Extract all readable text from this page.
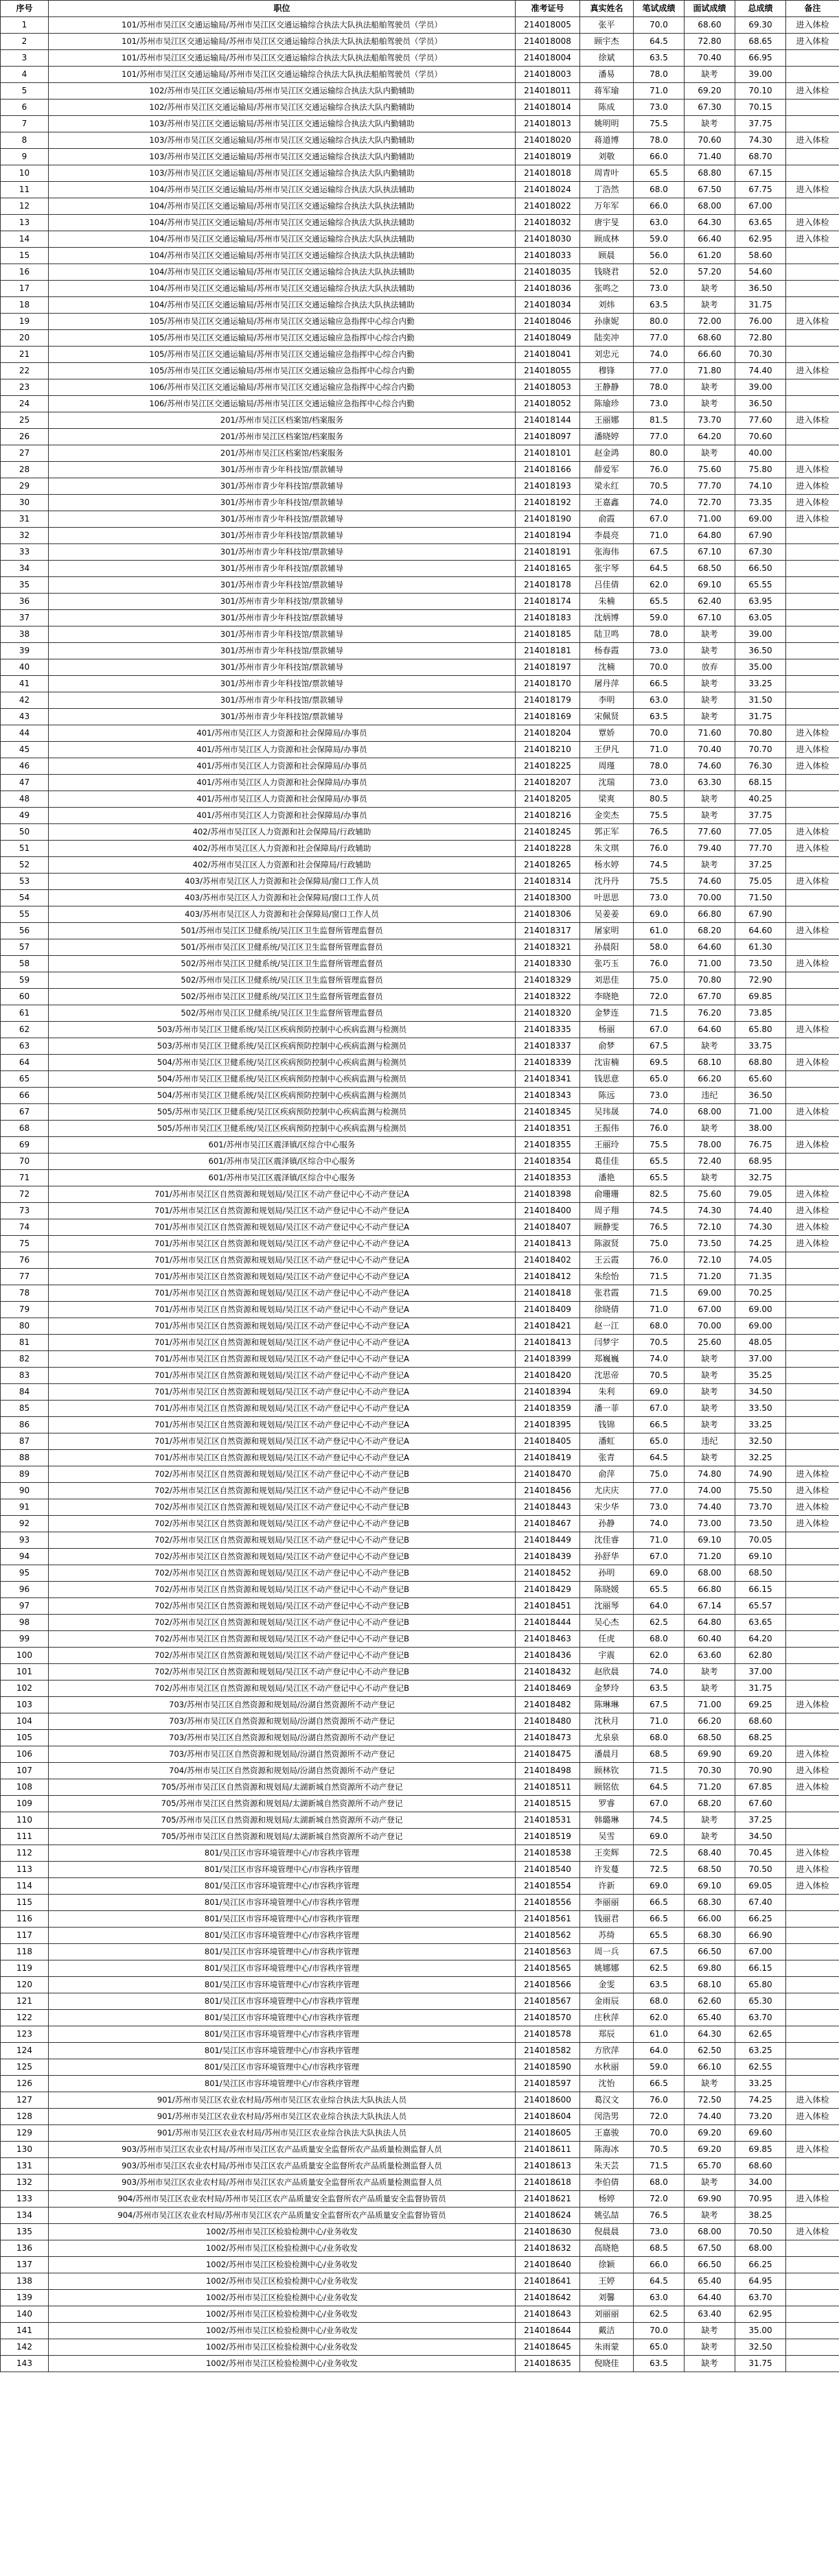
序号	职位	准考证号	真实姓名	笔试成绩	面试成绩	总成绩	备注
1	101/苏州市吴江区交通运输局/苏州市吴江区交通运输综合执法大队执法船舶驾驶员（学员）	214018005	张平	70.0	68.60	69.30	进入体检
2	101/苏州市吴江区交通运输局/苏州市吴江区交通运输综合执法大队执法船舶驾驶员（学员）	214018008	顾宇杰	64.5	72.80	68.65	进入体检
3	101/苏州市吴江区交通运输局/苏州市吴江区交通运输综合执法大队执法船舶驾驶员（学员）	214018004	徐斌	63.5	70.40	66.95	
4	101/苏州市吴江区交通运输局/苏州市吴江区交通运输综合执法大队执法船舶驾驶员（学员）	214018003	潘易	78.0	缺考	39.00	
5	102/苏州市吴江区交通运输局/苏州市吴江区交通运输综合执法大队内勤辅助	214018011	蒋军瑜	71.0	69.20	70.10	进入体检
6	102/苏州市吴江区交通运输局/苏州市吴江区交通运输综合执法大队内勤辅助	214018014	陈成	73.0	67.30	70.15	
7	103/苏州市吴江区交通运输局/苏州市吴江区交通运输综合执法大队内勤辅助	214018013	姚明明	75.5	缺考	37.75	
8	103/苏州市吴江区交通运输局/苏州市吴江区交通运输综合执法大队内勤辅助	214018020	蒋道博	78.0	70.60	74.30	进入体检
9	103/苏州市吴江区交通运输局/苏州市吴江区交通运输综合执法大队内勤辅助	214018019	刘敬	66.0	71.40	68.70	
10	103/苏州市吴江区交通运输局/苏州市吴江区交通运输综合执法大队内勤辅助	214018018	周青叶	65.5	68.80	67.15	
11	104/苏州市吴江区交通运输局/苏州市吴江区交通运输综合执法大队执法辅助	214018024	丁浩然	68.0	67.50	67.75	进入体检
12	104/苏州市吴江区交通运输局/苏州市吴江区交通运输综合执法大队执法辅助	214018022	万年军	66.0	68.00	67.00	
13	104/苏州市吴江区交通运输局/苏州市吴江区交通运输综合执法大队执法辅助	214018032	唐宇旻	63.0	64.30	63.65	进入体检
14	104/苏州市吴江区交通运输局/苏州市吴江区交通运输综合执法大队执法辅助	214018030	顾成林	59.0	66.40	62.95	进入体检
15	104/苏州市吴江区交通运输局/苏州市吴江区交通运输综合执法大队执法辅助	214018033	顾晨	56.0	61.20	58.60	
16	104/苏州市吴江区交通运输局/苏州市吴江区交通运输综合执法大队执法辅助	214018035	钱晓君	52.0	57.20	54.60	
17	104/苏州市吴江区交通运输局/苏州市吴江区交通运输综合执法大队执法辅助	214018036	张鸣之	73.0	缺考	36.50	
18	104/苏州市吴江区交通运输局/苏州市吴江区交通运输综合执法大队执法辅助	214018034	刘炜	63.5	缺考	31.75	
19	105/苏州市吴江区交通运输局/苏州市吴江区交通运输应急指挥中心综合内勤	214018046	孙康妮	80.0	72.00	76.00	进入体检
20	105/苏州市吴江区交通运输局/苏州市吴江区交通运输应急指挥中心综合内勤	214018049	陆奕冲	77.0	68.60	72.80	
21	105/苏州市吴江区交通运输局/苏州市吴江区交通运输应急指挥中心综合内勤	214018041	刘忠元	74.0	66.60	70.30	
22	105/苏州市吴江区交通运输局/苏州市吴江区交通运输应急指挥中心综合内勤	214018055	穆锋	77.0	71.80	74.40	进入体检
23	106/苏州市吴江区交通运输局/苏州市吴江区交通运输应急指挥中心综合内勤	214018053	王静静	78.0	缺考	39.00	
24	106/苏州市吴江区交通运输局/苏州市吴江区交通运输应急指挥中心综合内勤	214018052	陈瑜珍	73.0	缺考	36.50	
25	201/苏州市吴江区档案馆/档案服务	214018144	王丽娜	81.5	73.70	77.60	进入体检
26	201/苏州市吴江区档案馆/档案服务	214018097	潘晓婷	77.0	64.20	70.60	
27	201/苏州市吴江区档案馆/档案服务	214018101	赵金鸿	80.0	缺考	40.00	
28	301/苏州市青少年科技馆/票款辅导	214018166	薛爱军	76.0	75.60	75.80	进入体检
29	301/苏州市青少年科技馆/票款辅导	214018193	梁永红	70.5	77.70	74.10	进入体检
30	301/苏州市青少年科技馆/票款辅导	214018192	王嘉鑫	74.0	72.70	73.35	进入体检
31	301/苏州市青少年科技馆/票款辅导	214018190	俞霞	67.0	71.00	69.00	进入体检
32	301/苏州市青少年科技馆/票款辅导	214018194	李晨亮	71.0	64.80	67.90	
33	301/苏州市青少年科技馆/票款辅导	214018191	张海伟	67.5	67.10	67.30	
34	301/苏州市青少年科技馆/票款辅导	214018165	张宇琴	64.5	68.50	66.50	
35	301/苏州市青少年科技馆/票款辅导	214018178	吕佳倩	62.0	69.10	65.55	
36	301/苏州市青少年科技馆/票款辅导	214018174	朱楠	65.5	62.40	63.95	
37	301/苏州市青少年科技馆/票款辅导	214018183	沈炳博	59.0	67.10	63.05	
38	301/苏州市青少年科技馆/票款辅导	214018185	陆卫鸣	78.0	缺考	39.00	
39	301/苏州市青少年科技馆/票款辅导	214018181	杨春霞	73.0	缺考	36.50	
40	301/苏州市青少年科技馆/票款辅导	214018197	沈楠	70.0	放弃	35.00	
41	301/苏州市青少年科技馆/票款辅导	214018170	屠丹萍	66.5	缺考	33.25	
42	301/苏州市青少年科技馆/票款辅导	214018179	李明	63.0	缺考	31.50	
43	301/苏州市青少年科技馆/票款辅导	214018169	宋佩贤	63.5	缺考	31.75	
44	401/苏州市吴江区人力资源和社会保障局/办事员	214018204	覃娇	70.0	71.60	70.80	进入体检
45	401/苏州市吴江区人力资源和社会保障局/办事员	214018210	王伊凡	71.0	70.40	70.70	进入体检
46	401/苏州市吴江区人力资源和社会保障局/办事员	214018225	周瑾	78.0	74.60	76.30	进入体检
47	401/苏州市吴江区人力资源和社会保障局/办事员	214018207	沈瑞	73.0	63.30	68.15	
48	401/苏州市吴江区人力资源和社会保障局/办事员	214018205	梁爽	80.5	缺考	40.25	
49	401/苏州市吴江区人力资源和社会保障局/办事员	214018216	金奕杰	75.5	缺考	37.75	
50	402/苏州市吴江区人力资源和社会保障局/行政辅助	214018245	郭正军	76.5	77.60	77.05	进入体检
51	402/苏州市吴江区人力资源和社会保障局/行政辅助	214018228	朱文琪	76.0	79.40	77.70	进入体检
52	402/苏州市吴江区人力资源和社会保障局/行政辅助	214018265	杨水婷	74.5	缺考	37.25	
53	403/苏州市吴江区人力资源和社会保障局/窗口工作人员	214018314	沈丹丹	75.5	74.60	75.05	进入体检
54	403/苏州市吴江区人力资源和社会保障局/窗口工作人员	214018300	叶思思	73.0	70.00	71.50	
55	403/苏州市吴江区人力资源和社会保障局/窗口工作人员	214018306	吴姜姜	69.0	66.80	67.90	
56	501/苏州市吴江区卫健系统/吴江区卫生监督所管理监督员	214018317	屠家明	61.0	68.20	64.60	进入体检
57	501/苏州市吴江区卫健系统/吴江区卫生监督所管理监督员	214018321	孙晨阳	58.0	64.60	61.30	
58	502/苏州市吴江区卫健系统/吴江区卫生监督所管理监督员	214018330	张巧玉	76.0	71.00	73.50	进入体检
59	502/苏州市吴江区卫健系统/吴江区卫生监督所管理监督员	214018329	刘思佳	75.0	70.80	72.90	
60	502/苏州市吴江区卫健系统/吴江区卫生监督所管理监督员	214018322	李晓艳	72.0	67.70	69.85	
61	502/苏州市吴江区卫健系统/吴江区卫生监督所管理监督员	214018320	金梦连	71.5	76.20	73.85	
62	503/苏州市吴江区卫健系统/吴江区疾病预防控制中心疾病监测与检测员	214018335	杨丽	67.0	64.60	65.80	进入体检
63	503/苏州市吴江区卫健系统/吴江区疾病预防控制中心疾病监测与检测员	214018337	俞梦	67.5	缺考	33.75	
64	504/苏州市吴江区卫健系统/吴江区疾病预防控制中心疾病监测与检测员	214018339	沈宙楠	69.5	68.10	68.80	进入体检
65	504/苏州市吴江区卫健系统/吴江区疾病预防控制中心疾病监测与检测员	214018341	钱思意	65.0	66.20	65.60	
66	504/苏州市吴江区卫健系统/吴江区疾病预防控制中心疾病监测与检测员	214018343	陈远	73.0	违纪	36.50	
67	505/苏州市吴江区卫健系统/吴江区疾病预防控制中心疾病监测与检测员	214018345	吴玮晟	74.0	68.00	71.00	进入体检
68	505/苏州市吴江区卫健系统/吴江区疾病预防控制中心疾病监测与检测员	214018351	王振伟	76.0	缺考	38.00	
69	601/苏州市吴江区震泽镇/区综合中心服务	214018355	王丽玲	75.5	78.00	76.75	进入体检
70	601/苏州市吴江区震泽镇/区综合中心服务	214018354	葛佳佳	65.5	72.40	68.95	
71	601/苏州市吴江区震泽镇/区综合中心服务	214018353	潘艳	65.5	缺考	32.75	
72	701/苏州市吴江区自然资源和规划局/吴江区不动产登记中心不动产登记A	214018398	俞珊珊	82.5	75.60	79.05	进入体检
73	701/苏州市吴江区自然资源和规划局/吴江区不动产登记中心不动产登记A	214018400	周子翔	74.5	74.30	74.40	进入体检
74	701/苏州市吴江区自然资源和规划局/吴江区不动产登记中心不动产登记A	214018407	顾静雯	76.5	72.10	74.30	进入体检
75	701/苏州市吴江区自然资源和规划局/吴江区不动产登记中心不动产登记A	214018413	陈淑贤	75.0	73.50	74.25	进入体检
76	701/苏州市吴江区自然资源和规划局/吴江区不动产登记中心不动产登记A	214018402	王云霞	76.0	72.10	74.05	
77	701/苏州市吴江区自然资源和规划局/吴江区不动产登记中心不动产登记A	214018412	朱绘怡	71.5	71.20	71.35	
78	701/苏州市吴江区自然资源和规划局/吴江区不动产登记中心不动产登记A	214018418	张君霞	71.5	69.00	70.25	
79	701/苏州市吴江区自然资源和规划局/吴江区不动产登记中心不动产登记A	214018409	徐晓倩	71.0	67.00	69.00	
80	701/苏州市吴江区自然资源和规划局/吴江区不动产登记中心不动产登记A	214018421	赵一江	68.0	70.00	69.00	
81	701/苏州市吴江区自然资源和规划局/吴江区不动产登记中心不动产登记A	214018413	闫梦宇	70.5	25.60	48.05	
82	701/苏州市吴江区自然资源和规划局/吴江区不动产登记中心不动产登记A	214018399	郑巍巍	74.0	缺考	37.00	
83	701/苏州市吴江区自然资源和规划局/吴江区不动产登记中心不动产登记A	214018420	沈思帝	70.5	缺考	35.25	
84	701/苏州市吴江区自然资源和规划局/吴江区不动产登记中心不动产登记A	214018394	朱利	69.0	缺考	34.50	
85	701/苏州市吴江区自然资源和规划局/吴江区不动产登记中心不动产登记A	214018359	潘一菲	67.0	缺考	33.50	
86	701/苏州市吴江区自然资源和规划局/吴江区不动产登记中心不动产登记A	214018395	钱锦	66.5	缺考	33.25	
87	701/苏州市吴江区自然资源和规划局/吴江区不动产登记中心不动产登记A	214018405	潘虹	65.0	违纪	32.50	
88	701/苏州市吴江区自然资源和规划局/吴江区不动产登记中心不动产登记A	214018419	张青	64.5	缺考	32.25	
89	702/苏州市吴江区自然资源和规划局/吴江区不动产登记中心不动产登记B	214018470	俞萍	75.0	74.80	74.90	进入体检
90	702/苏州市吴江区自然资源和规划局/吴江区不动产登记中心不动产登记B	214018456	尤庆庆	77.0	74.00	75.50	进入体检
91	702/苏州市吴江区自然资源和规划局/吴江区不动产登记中心不动产登记B	214018443	宋少华	73.0	74.40	73.70	进入体检
92	702/苏州市吴江区自然资源和规划局/吴江区不动产登记中心不动产登记B	214018467	孙静	74.0	73.00	73.50	进入体检
93	702/苏州市吴江区自然资源和规划局/吴江区不动产登记中心不动产登记B	214018449	沈佳睿	71.0	69.10	70.05	
94	702/苏州市吴江区自然资源和规划局/吴江区不动产登记中心不动产登记B	214018439	孙舒华	67.0	71.20	69.10	
95	702/苏州市吴江区自然资源和规划局/吴江区不动产登记中心不动产登记B	214018452	孙明	69.0	68.00	68.50	
96	702/苏州市吴江区自然资源和规划局/吴江区不动产登记中心不动产登记B	214018429	陈晓媛	65.5	66.80	66.15	
97	702/苏州市吴江区自然资源和规划局/吴江区不动产登记中心不动产登记B	214018451	沈丽琴	64.0	67.14	65.57	
98	702/苏州市吴江区自然资源和规划局/吴江区不动产登记中心不动产登记B	214018444	吴心杰	62.5	64.80	63.65	
99	702/苏州市吴江区自然资源和规划局/吴江区不动产登记中心不动产登记B	214018463	任虎	68.0	60.40	64.20	
100	702/苏州市吴江区自然资源和规划局/吴江区不动产登记中心不动产登记B	214018436	宇震	62.0	63.60	62.80	
101	702/苏州市吴江区自然资源和规划局/吴江区不动产登记中心不动产登记B	214018432	赵欣晨	74.0	缺考	37.00	
102	702/苏州市吴江区自然资源和规划局/吴江区不动产登记中心不动产登记B	214018469	金梦玲	63.5	缺考	31.75	
103	703/苏州市吴江区自然资源和规划局/汾湖自然资源所不动产登记	214018482	陈琳琳	67.5	71.00	69.25	进入体检
104	703/苏州市吴江区自然资源和规划局/汾湖自然资源所不动产登记	214018480	沈秋月	71.0	66.20	68.60	
105	703/苏州市吴江区自然资源和规划局/汾湖自然资源所不动产登记	214018473	尤泉泉	68.0	68.50	68.25	
106	703/苏州市吴江区自然资源和规划局/汾湖自然资源所不动产登记	214018475	潘晨月	68.5	69.90	69.20	进入体检
107	704/苏州市吴江区自然资源和规划局/汾湖自然资源所不动产登记	214018498	顾林钦	71.5	70.30	70.90	进入体检
108	705/苏州市吴江区自然资源和规划局/太湖新城自然资源所不动产登记	214018511	顾铭依	64.5	71.20	67.85	进入体检
109	705/苏州市吴江区自然资源和规划局/太湖新城自然资源所不动产登记	214018515	罗睿	67.0	68.20	67.60	
110	705/苏州市吴江区自然资源和规划局/太湖新城自然资源所不动产登记	214018531	韩璐琳	74.5	缺考	37.25	
111	705/苏州市吴江区自然资源和规划局/太湖新城自然资源所不动产登记	214018519	吴雪	69.0	缺考	34.50	
112	801/吴江区市容环境管理中心/市容秩序管理	214018538	王奕辉	72.5	68.40	70.45	进入体检
113	801/吴江区市容环境管理中心/市容秩序管理	214018540	许发蔓	72.5	68.50	70.50	进入体检
114	801/吴江区市容环境管理中心/市容秩序管理	214018554	许新	69.0	69.10	69.05	进入体检
115	801/吴江区市容环境管理中心/市容秩序管理	214018556	李丽丽	66.5	68.30	67.40	
116	801/吴江区市容环境管理中心/市容秩序管理	214018561	钱丽君	66.5	66.00	66.25	
117	801/吴江区市容环境管理中心/市容秩序管理	214018562	苏绮	65.5	68.30	66.90	
118	801/吴江区市容环境管理中心/市容秩序管理	214018563	周一兵	67.5	66.50	67.00	
119	801/吴江区市容环境管理中心/市容秩序管理	214018565	姚娜娜	62.5	69.80	66.15	
120	801/吴江区市容环境管理中心/市容秩序管理	214018566	金雯	63.5	68.10	65.80	
121	801/吴江区市容环境管理中心/市容秩序管理	214018567	金雨辰	68.0	62.60	65.30	
122	801/吴江区市容环境管理中心/市容秩序管理	214018570	庄秋萍	62.0	65.40	63.70	
123	801/吴江区市容环境管理中心/市容秩序管理	214018578	郑辰	61.0	64.30	62.65	
124	801/吴江区市容环境管理中心/市容秩序管理	214018582	方欣萍	64.0	62.50	63.25	
125	801/吴江区市容环境管理中心/市容秩序管理	214018590	水秋丽	59.0	66.10	62.55	
126	801/吴江区市容环境管理中心/市容秩序管理	214018597	沈怡	66.5	缺考	33.25	
127	901/苏州市吴江区农业农村局/苏州市吴江区农业综合执法大队执法人员	214018600	葛汉文	76.0	72.50	74.25	进入体检
128	901/苏州市吴江区农业农村局/苏州市吴江区农业综合执法大队执法人员	214018604	闵浩男	72.0	74.40	73.20	进入体检
129	901/苏州市吴江区农业农村局/苏州市吴江区农业综合执法大队执法人员	214018605	王嘉骏	70.0	69.20	69.60	
130	903/苏州市吴江区农业农村局/苏州市吴江区农产品质量安全监督所农产品质量检测监督人员	214018611	陈海冰	70.5	69.20	69.85	进入体检
131	903/苏州市吴江区农业农村局/苏州市吴江区农产品质量安全监督所农产品质量检测监督人员	214018613	朱天芸	71.5	65.70	68.60	
132	903/苏州市吴江区农业农村局/苏州市吴江区农产品质量安全监督所农产品质量检测监督人员	214018618	李伯倩	68.0	缺考	34.00	
133	904/苏州市吴江区农业农村局/苏州市吴江区农产品质量安全监督所农产品质量安全监督协管员	214018621	杨婷	72.0	69.90	70.95	进入体检
134	904/苏州市吴江区农业农村局/苏州市吴江区农产品质量安全监督所农产品质量安全监督协管员	214018624	姚弘喆	76.5	缺考	38.25	
135	1002/苏州市吴江区检验检测中心/业务收发	214018630	倪晨晨	73.0	68.00	70.50	进入体检
136	1002/苏州市吴江区检验检测中心/业务收发	214018632	高晓艳	68.5	67.50	68.00	
137	1002/苏州市吴江区检验检测中心/业务收发	214018640	徐颖	66.0	66.50	66.25	
138	1002/苏州市吴江区检验检测中心/业务收发	214018641	王婷	64.5	65.40	64.95	
139	1002/苏州市吴江区检验检测中心/业务收发	214018642	刘馨	63.0	64.40	63.70	
140	1002/苏州市吴江区检验检测中心/业务收发	214018643	刘丽丽	62.5	63.40	62.95	
141	1002/苏州市吴江区检验检测中心/业务收发	214018644	戴洁	70.0	缺考	35.00	
142	1002/苏州市吴江区检验检测中心/业务收发	214018645	朱雨蒙	65.0	缺考	32.50	
143	1002/苏州市吴江区检验检测中心/业务收发	214018635	倪晓佳	63.5	缺考	31.75	
